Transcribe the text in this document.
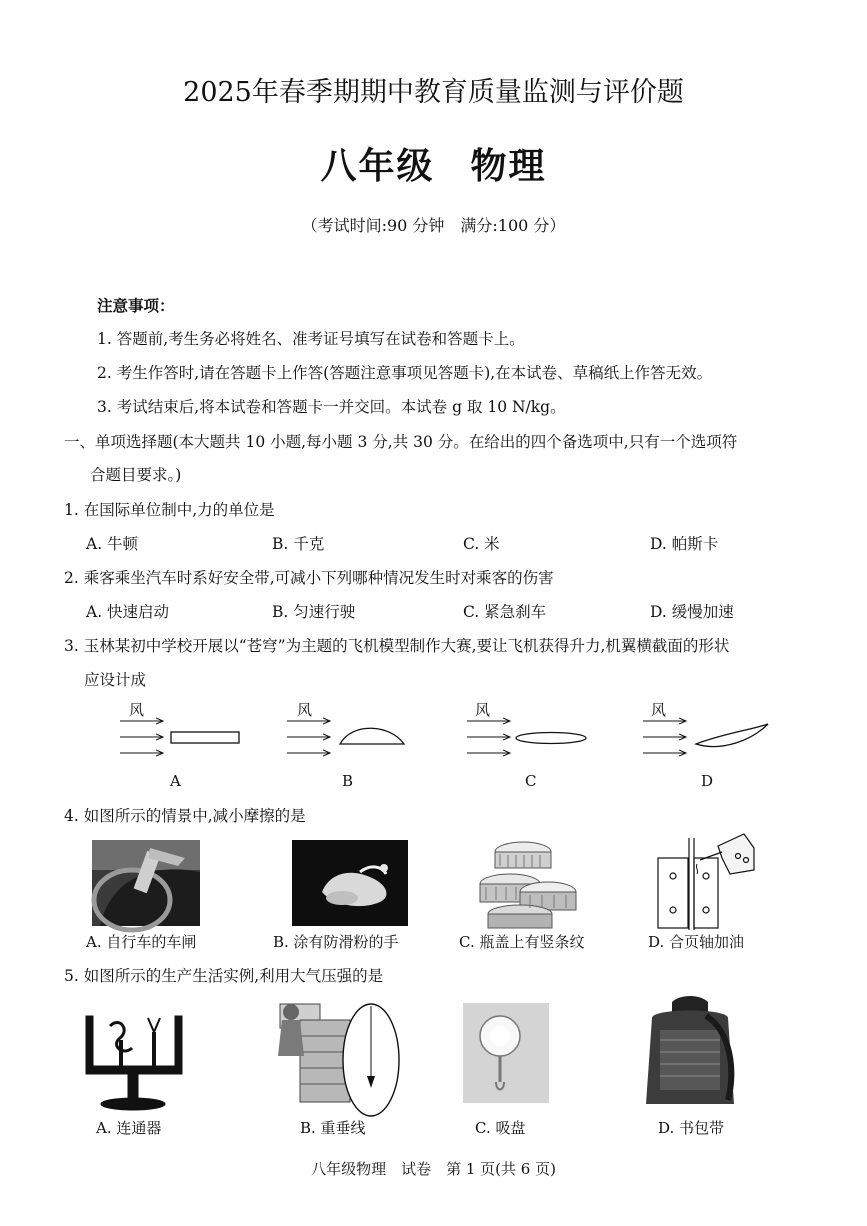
2025年春季期期中教育质量监测与评价题
八年级 物理
（考试时间:90 分钟　满分:100 分）
注意事项：
1. 答题前,考生务必将姓名、准考证号填写在试卷和答题卡上。
2. 考生作答时,请在答题卡上作答(答题注意事项见答题卡),在本试卷、草稿纸上作答无效。
3. 考试结束后,将本试卷和答题卡一并交回。本试卷 g 取 10 N/kg。
一、单项选择题(本大题共 10 小题,每小题 3 分,共 30 分。在给出的四个备选项中,只有一个选项符
合题目要求。)
1. 在国际单位制中,力的单位是
A. 牛顿	B. 千克	C. 米	D. 帕斯卡
2. 乘客乘坐汽车时系好安全带,可减小下列哪种情况发生时对乘客的伤害
A. 快速启动	B. 匀速行驶	C. 紧急刹车	D. 缓慢加速
3. 玉林某初中学校开展以“苍穹”为主题的飞机模型制作大赛,要让飞机获得升力,机翼横截面的形状
应设计成
风	风	风	风
A	B	C	D
4. 如图所示的情景中,减小摩擦的是
A. 自行车的车闸	B. 涂有防滑粉的手	C. 瓶盖上有竖条纹	D. 合页轴加油
5. 如图所示的生产生活实例,利用大气压强的是
A. 连通器	B. 重垂线	C. 吸盘	D. 书包带
八年级物理　试卷　第 1 页(共 6 页)
